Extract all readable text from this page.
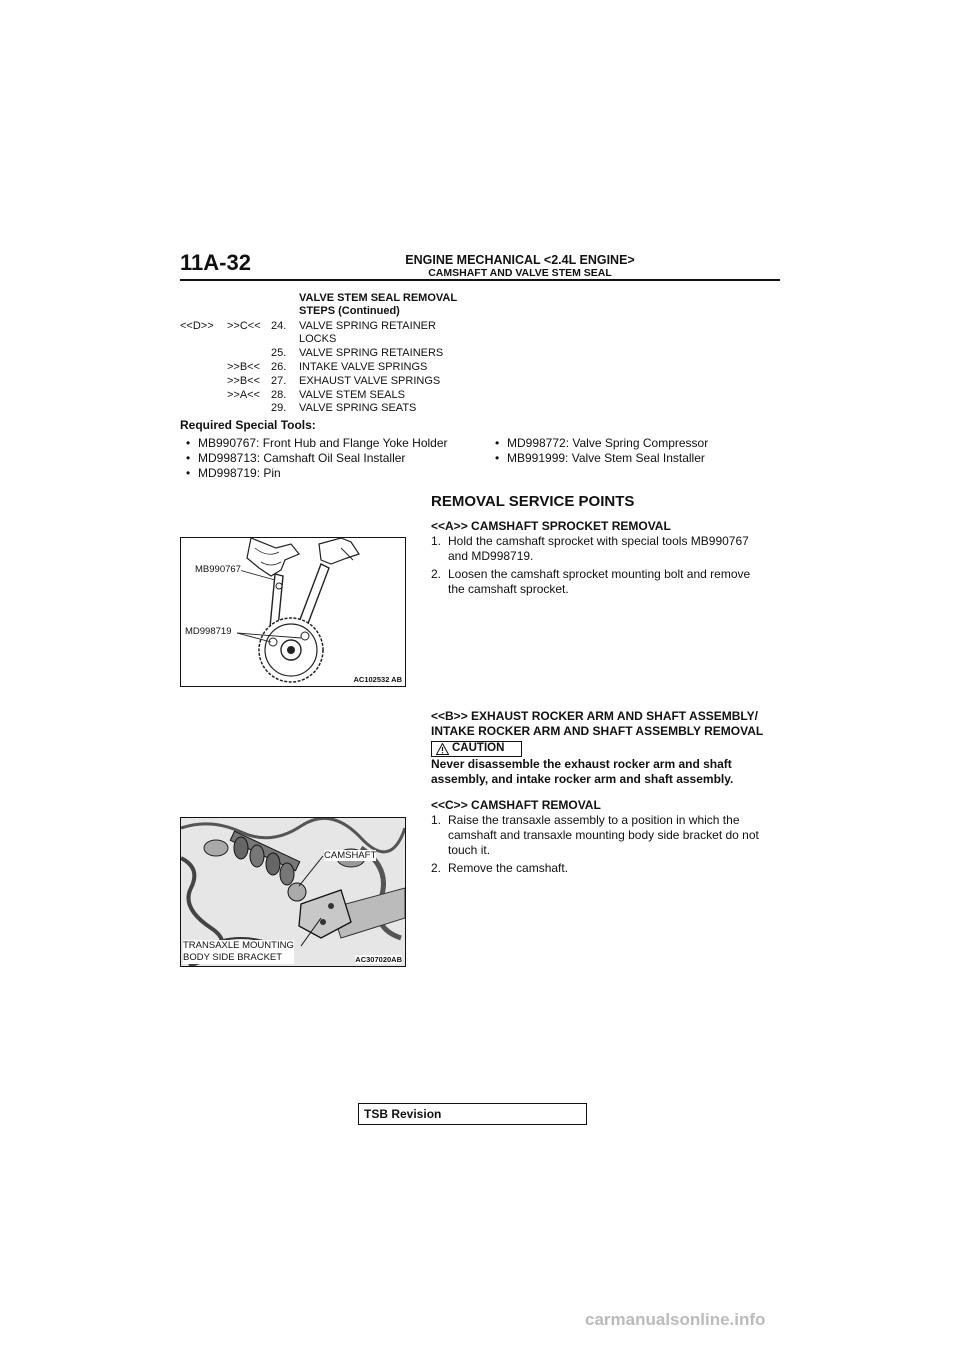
11A-32	ENGINE MECHANICAL <2.4L ENGINE>
CAMSHAFT AND VALVE STEM SEAL
VALVE STEM SEAL REMOVAL
STEPS (Continued)
<<D>> >>C<< 24.	VALVE SPRING RETAINER
LOCKS
25.	VALVE SPRING RETAINERS
>>B<< 26.	INTAKE VALVE SPRINGS
>>B<< 27.	EXHAUST VALVE SPRINGS
>>A<< 28.	VALVE STEM SEALS
29.	VALVE SPRING SEATS
Required Special Tools:
• MB990767: Front Hub and Flange Yoke Holder
• MD998713: Camshaft Oil Seal Installer
• MD998719: Pin
• MD998772: Valve Spring Compressor
• MB991999: Valve Stem Seal Installer
REMOVAL SERVICE POINTS
<<A>> CAMSHAFT SPROCKET REMOVAL
1. Hold the camshaft sprocket with special tools MB990767
and MD998719.
2. Loosen the camshaft sprocket mounting bolt and remove
the camshaft sprocket.
MB990767
MD998719
AC102532 AB
<<B>> EXHAUST ROCKER ARM AND SHAFT ASSEMBLY/
INTAKE ROCKER ARM AND SHAFT ASSEMBLY REMOVAL
CAUTION
Never disassemble the exhaust rocker arm and shaft
assembly, and intake rocker arm and shaft assembly.
<<C>> CAMSHAFT REMOVAL
1. Raise the transaxle assembly to a position in which the
camshaft and transaxle mounting body side bracket do not
touch it.
2. Remove the camshaft.
CAMSHAFT
TRANSAXLE MOUNTING
BODY SIDE BRACKET	AC307020AB
TSB Revision
carmanualsonline.info
